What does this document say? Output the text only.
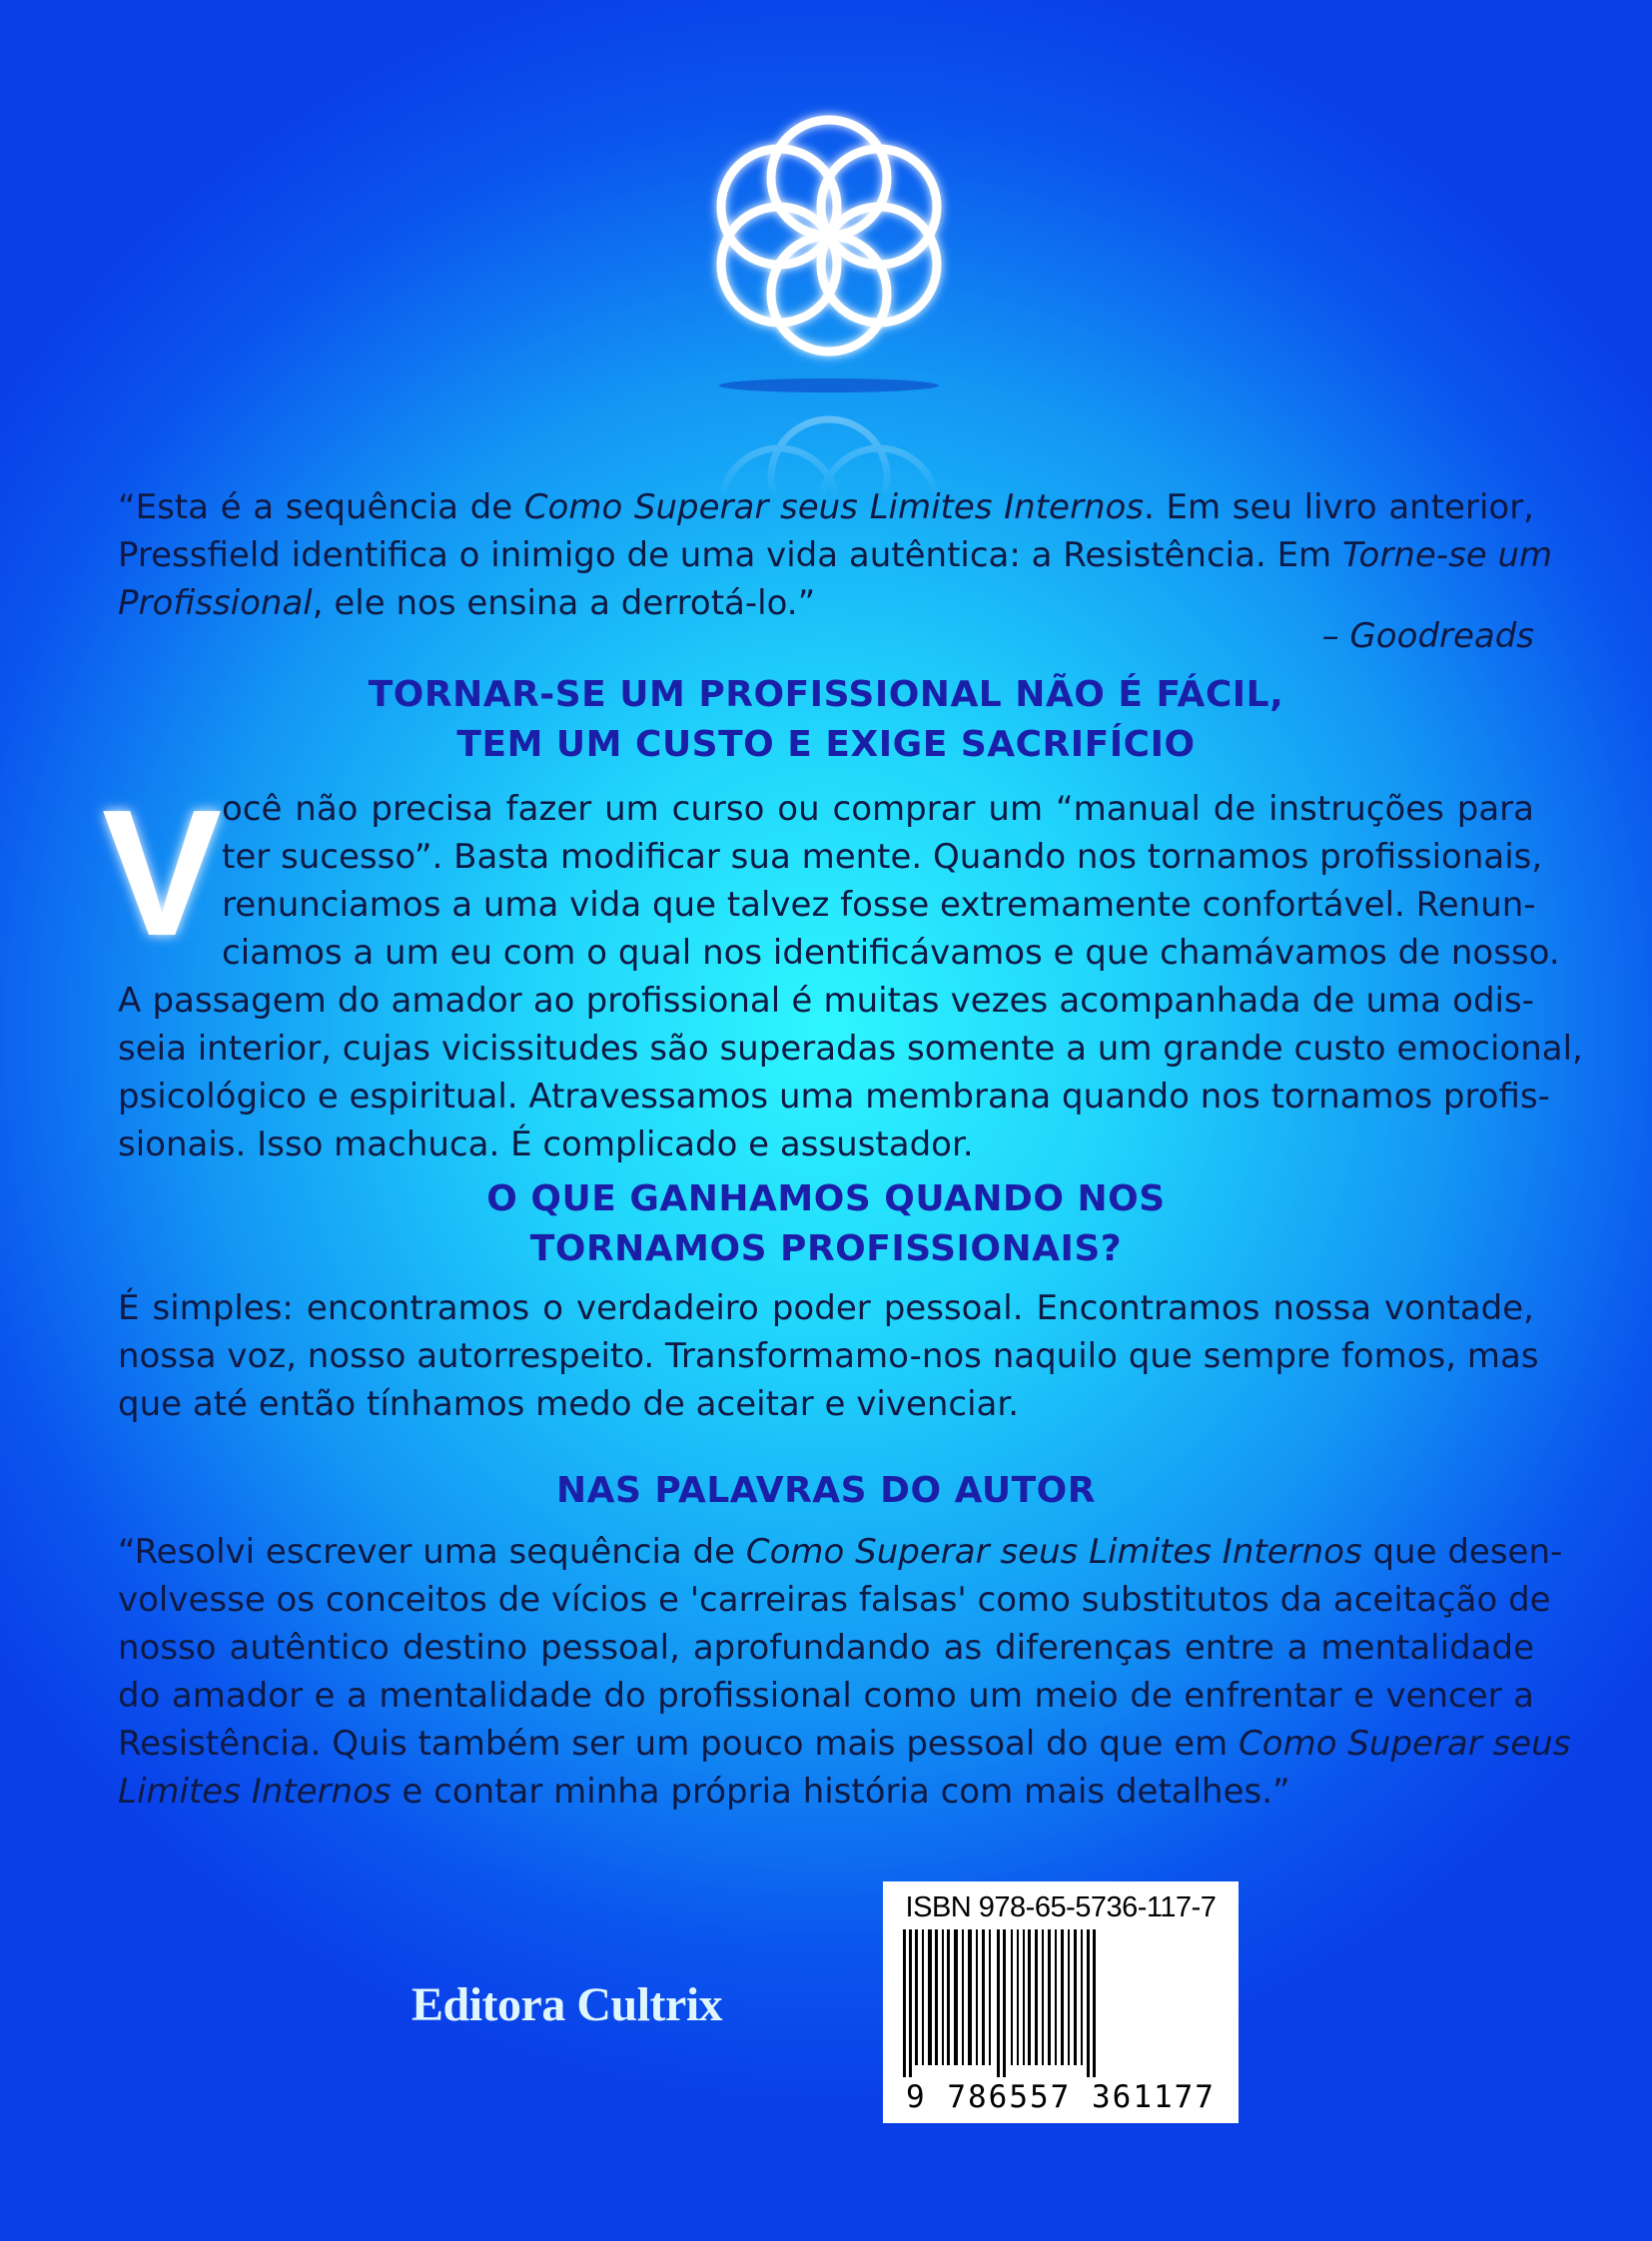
“Esta é a sequência de Como Superar seus Limites Internos. Em seu livro anterior,
Pressfield identifica o inimigo de uma vida autêntica: a Resistência. Em Torne-se um
Profissional, ele nos ensina a derrotá-lo.”
– Goodreads
TORNAR-SE UM PROFISSIONAL NÃO É FÁCIL,
TEM UM CUSTO E EXIGE SACRIFÍCIO
V ocê não precisa fazer um curso ou comprar um “manual de instruções para
ter sucesso”. Basta modificar sua mente. Quando nos tornamos profissionais,
renunciamos a uma vida que talvez fosse extremamente confortável. Renun-
ciamos a um eu com o qual nos identificávamos e que chamávamos de nosso.
A passagem do amador ao profissional é muitas vezes acompanhada de uma odis-
seia interior, cujas vicissitudes são superadas somente a um grande custo emocional,
psicológico e espiritual. Atravessamos uma membrana quando nos tornamos profis-
sionais. Isso machuca. É complicado e assustador.
O QUE GANHAMOS QUANDO NOS
TORNAMOS PROFISSIONAIS?
É simples: encontramos o verdadeiro poder pessoal. Encontramos nossa vontade,
nossa voz, nosso autorrespeito. Transformamo-nos naquilo que sempre fomos, mas
que até então tínhamos medo de aceitar e vivenciar.
NAS PALAVRAS DO AUTOR
“Resolvi escrever uma sequência de Como Superar seus Limites Internos que desen-
volvesse os conceitos de vícios e 'carreiras falsas' como substitutos da aceitação de
nosso autêntico destino pessoal, aprofundando as diferenças entre a mentalidade
do amador e a mentalidade do profissional como um meio de enfrentar e vencer a
Resistência. Quis também ser um pouco mais pessoal do que em Como Superar seus
Limites Internos e contar minha própria história com mais detalhes.”
Editora Cultrix
ISBN 978-65-5736-117-7
9 786557 361177
